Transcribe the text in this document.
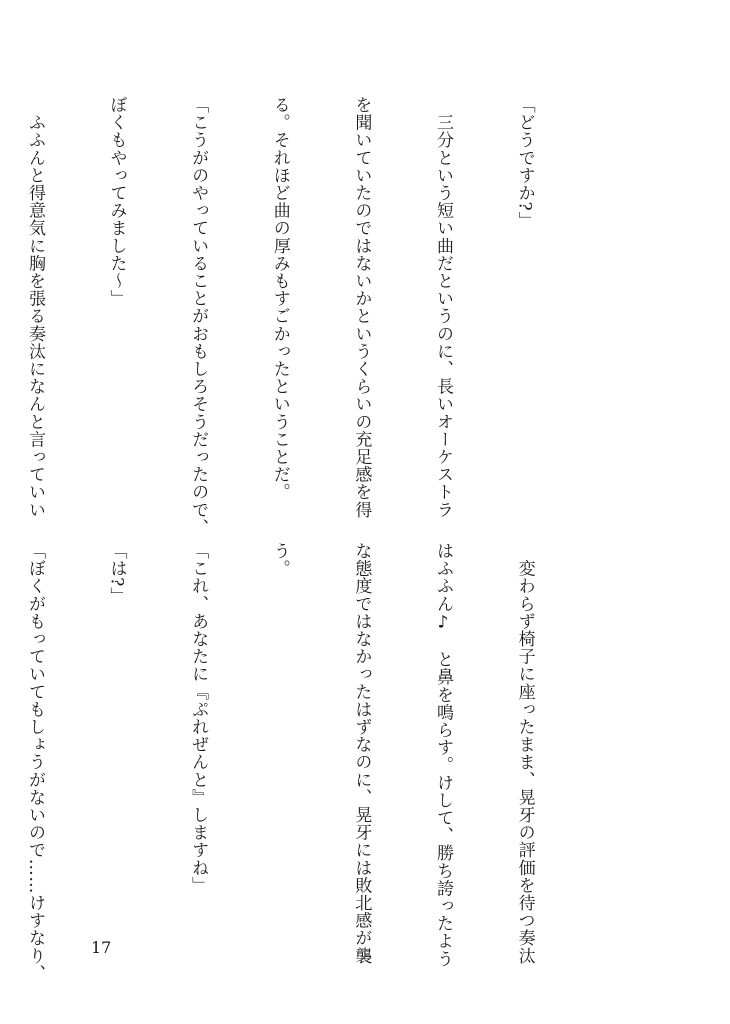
「どうですか?」

　三分という短い曲だというのに、長いオーケストラ

を聞いていたのではないかというくらいの充足感を得

る。それほど曲の厚みもすごかったということだ。

「こうがのやっていることがおもしろそうだったので、

ぼくもやってみました〜」

　ふふんと得意気に胸を張る奏汰になんと言っていい

　変わらず椅子に座ったまま、晃牙の評価を待つ奏汰

はふふん♪　と鼻を鳴らす。けして、勝ち誇ったよう

な態度ではなかったはずなのに、晃牙には敗北感が襲

う。

「これ、あなたに『ぷれぜんと』しますね」

「は?」

「ぼくがもっていてもしょうがないので……けすなり、

	17
